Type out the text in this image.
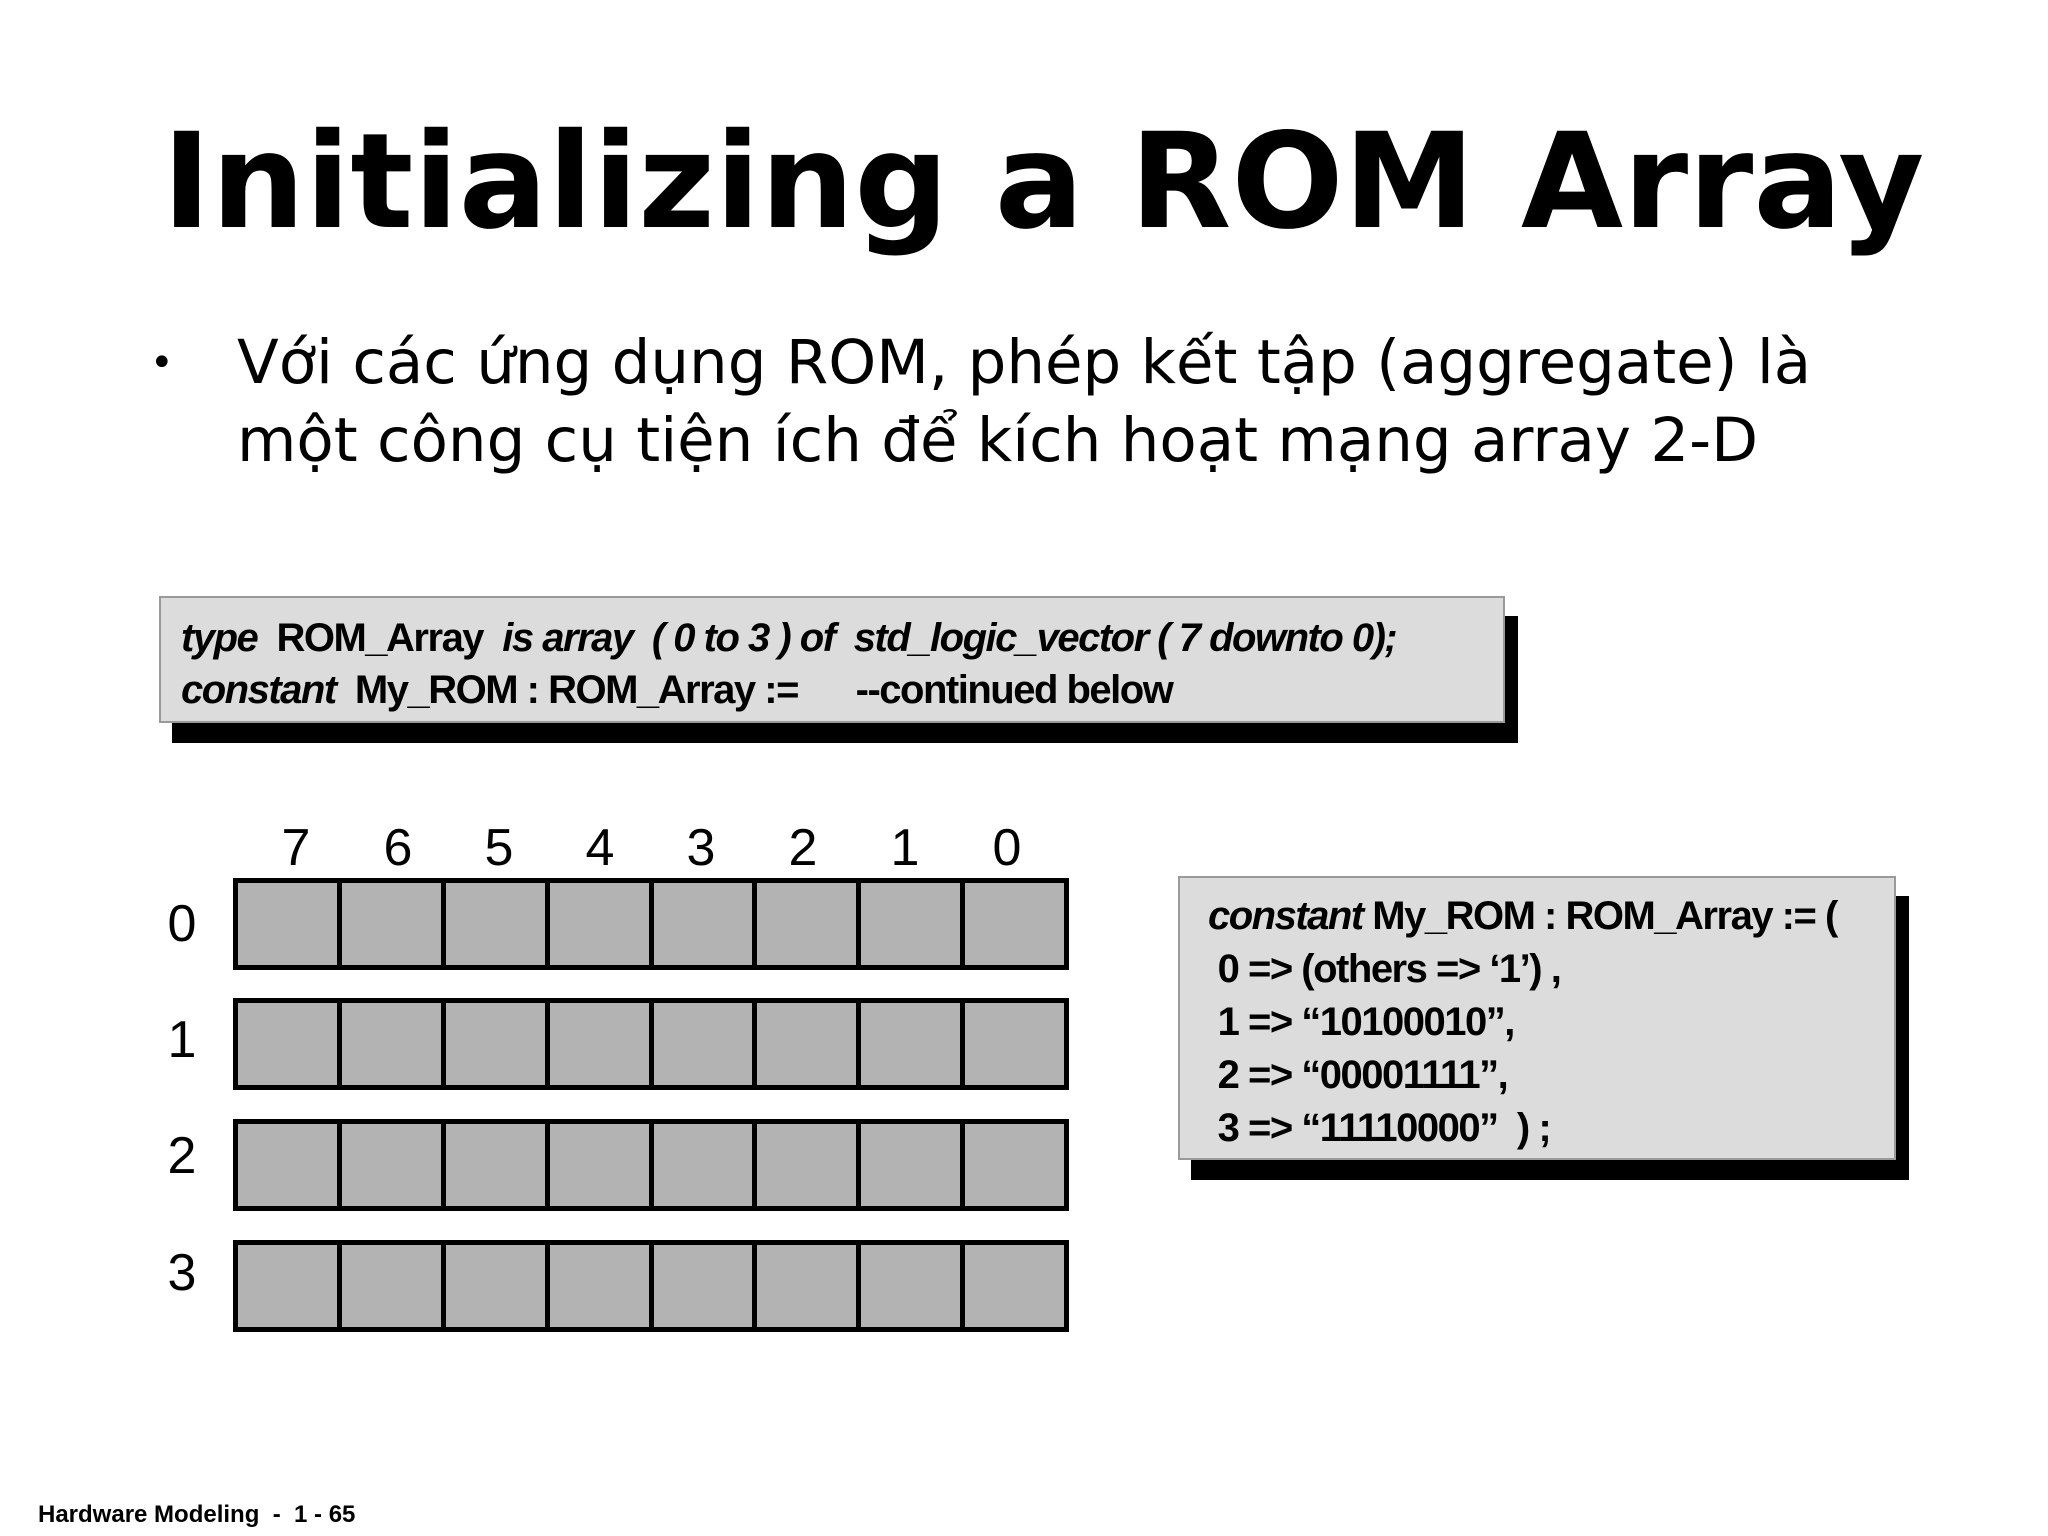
Initializing a ROM Array
• Với các ứng dụng ROM, phép kết tập (aggregate) là
một công cụ tiện ích để kích hoạt mạng array 2-D
type  ROM_Array  is array  ( 0 to 3 ) of  std_logic_vector ( 7 downto 0);
constant  My_ROM : ROM_Array :=      --continued below
7	6	5	4	3	2	1	0
0
1
2
3
constant My_ROM : ROM_Array := (
0 => (others => ‘1’) ,
1 => “10100010”,
2 => “00001111”,
3 => “11110000”  ) ;
Hardware Modeling  -  1 - 65
